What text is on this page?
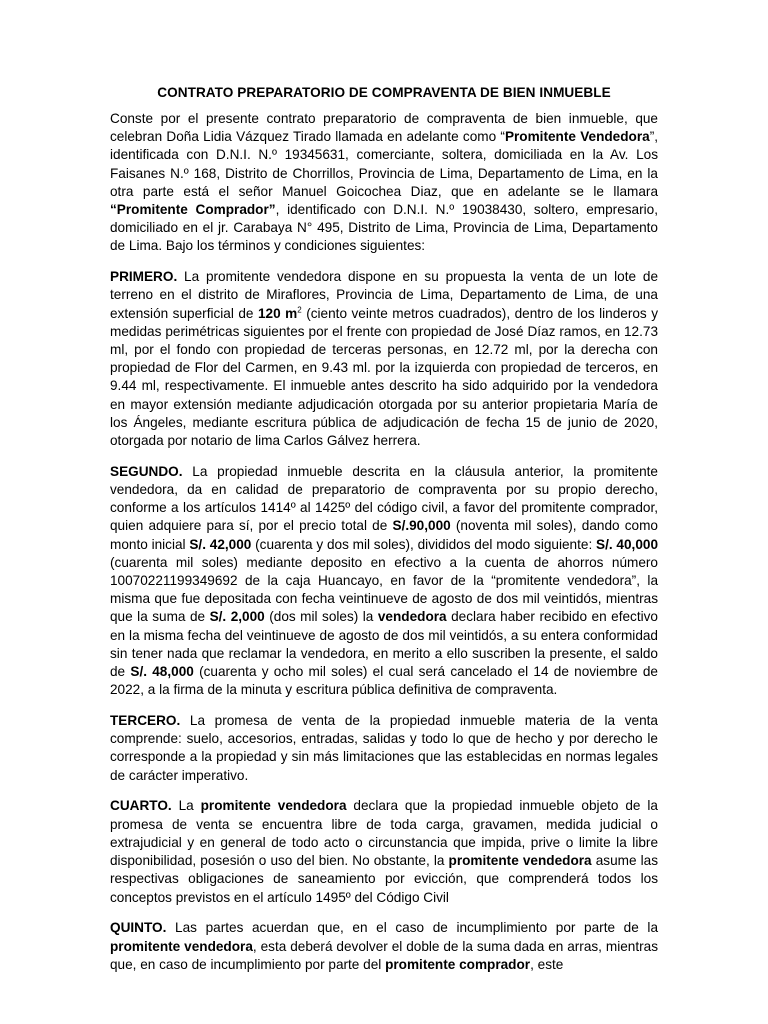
CONTRATO PREPARATORIO DE COMPRAVENTA DE BIEN INMUEBLE

Conste por el presente contrato preparatorio de compraventa de bien inmueble, que celebran Doña Lidia Vázquez Tirado llamada en adelante como “Promitente Vendedora”, identificada con D.N.I. N.º 19345631, comerciante, soltera, domiciliada en la Av. Los Faisanes N.º 168, Distrito de Chorrillos, Provincia de Lima, Departamento de Lima, en la otra parte está el señor Manuel Goicochea Diaz, que en adelante se le llamara “Promitente Comprador”, identificado con D.N.I. N.º 19038430, soltero, empresario, domiciliado en el jr. Carabaya N° 495, Distrito de Lima, Provincia de Lima, Departamento de Lima. Bajo los términos y condiciones siguientes:

PRIMERO. La promitente vendedora dispone en su propuesta la venta de un lote de terreno en el distrito de Miraflores, Provincia de Lima, Departamento de Lima, de una extensión superficial de 120 $m^2$ (ciento veinte metros cuadrados), dentro de los linderos y medidas perimétricas siguientes por el frente con propiedad de José Díaz ramos, en 12.73 ml, por el fondo con propiedad de terceras personas, en 12.72 ml, por la derecha con propiedad de Flor del Carmen, en 9.43 ml. por la izquierda con propiedad de terceros, en 9.44 ml, respectivamente. El inmueble antes descrito ha sido adquirido por la vendedora en mayor extensión mediante adjudicación otorgada por su anterior propietaria María de los Ángeles, mediante escritura pública de adjudicación de fecha 15 de junio de 2020, otorgada por notario de lima Carlos Gálvez herrera.

SEGUNDO. La propiedad inmueble descrita en la cláusula anterior, la promitente vendedora, da en calidad de preparatorio de compraventa por su propio derecho, conforme a los artículos 1414º al 1425º del código civil, a favor del promitente comprador, quien adquiere para sí, por el precio total de S/.90,000 (noventa mil soles), dando como monto inicial S/. 42,000 (cuarenta y dos mil soles), divididos del modo siguiente: S/. 40,000 (cuarenta mil soles) mediante deposito en efectivo a la cuenta de ahorros número 10070221199349692 de la caja Huancayo, en favor de la “promitente vendedora”, la misma que fue depositada con fecha veintinueve de agosto de dos mil veintidós, mientras que la suma de S/. 2,000 (dos mil soles) la vendedora declara haber recibido en efectivo en la misma fecha del veintinueve de agosto de dos mil veintidós, a su entera conformidad sin tener nada que reclamar la vendedora, en merito a ello suscriben la presente, el saldo de S/. 48,000 (cuarenta y ocho mil soles) el cual será cancelado el 14 de noviembre de 2022, a la firma de la minuta y escritura pública definitiva de compraventa.

TERCERO. La promesa de venta de la propiedad inmueble materia de la venta comprende: suelo, accesorios, entradas, salidas y todo lo que de hecho y por derecho le corresponde a la propiedad y sin más limitaciones que las establecidas en normas legales de carácter imperativo.

CUARTO. La promitente vendedora declara que la propiedad inmueble objeto de la promesa de venta se encuentra libre de toda carga, gravamen, medida judicial o extrajudicial y en general de todo acto o circunstancia que impida, prive o limite la libre disponibilidad, posesión o uso del bien. No obstante, la promitente vendedora asume las respectivas obligaciones de saneamiento por evicción, que comprenderá todos los conceptos previstos en el artículo 1495º del Código Civil

QUINTO. Las partes acuerdan que, en el caso de incumplimiento por parte de la promitente vendedora, esta deberá devolver el doble de la suma dada en arras, mientras que, en caso de incumplimiento por parte del promitente comprador, este
